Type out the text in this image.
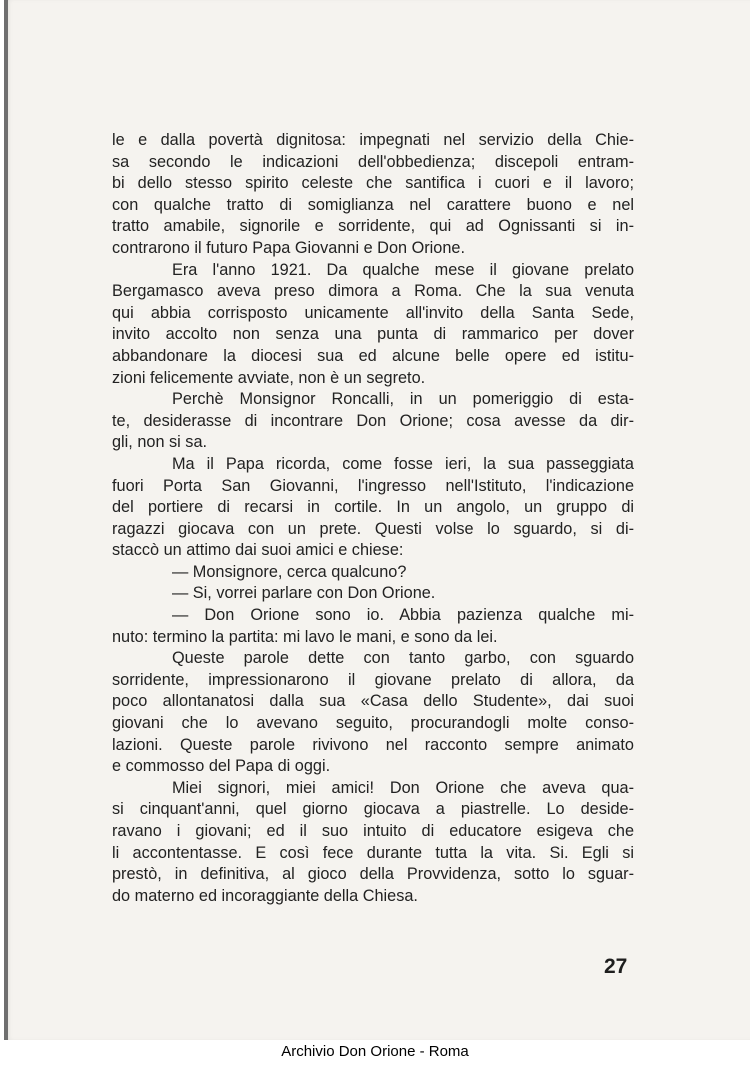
le e dalla povertà dignitosa: impegnati nel servizio della Chie-
sa secondo le indicazioni dell'obbedienza; discepoli entram-
bi dello stesso spirito celeste che santifica i cuori e il lavoro;
con qualche tratto di somiglianza nel carattere buono e nel
tratto amabile, signorile e sorridente, qui ad Ognissanti si in-
contrarono il futuro Papa Giovanni e Don Orione.
Era l'anno 1921. Da qualche mese il giovane prelato
Bergamasco aveva preso dimora a Roma. Che la sua venuta
qui abbia corrisposto unicamente all'invito della Santa Sede,
invito accolto non senza una punta di rammarico per dover
abbandonare la diocesi sua ed alcune belle opere ed istitu-
zioni felicemente avviate, non è un segreto.
Perchè Monsignor Roncalli, in un pomeriggio di esta-
te, desiderasse di incontrare Don Orione; cosa avesse da dir-
gli, non si sa.
Ma il Papa ricorda, come fosse ieri, la sua passeggiata
fuori Porta San Giovanni, l'ingresso nell'Istituto, l'indicazione
del portiere di recarsi in cortile. In un angolo, un gruppo di
ragazzi giocava con un prete. Questi volse lo sguardo, si di-
staccò un attimo dai suoi amici e chiese:
— Monsignore, cerca qualcuno?
— Si, vorrei parlare con Don Orione.
— Don Orione sono io. Abbia pazienza qualche mi-
nuto: termino la partita: mi lavo le mani, e sono da lei.
Queste parole dette con tanto garbo, con sguardo
sorridente, impressionarono il giovane prelato di allora, da
poco allontanatosi dalla sua «Casa dello Studente», dai suoi
giovani che lo avevano seguito, procurandogli molte conso-
lazioni. Queste parole rivivono nel racconto sempre animato
e commosso del Papa di oggi.
Miei signori, miei amici! Don Orione che aveva qua-
si cinquant'anni, quel giorno giocava a piastrelle. Lo deside-
ravano i giovani; ed il suo intuito di educatore esigeva che
li accontentasse. E così fece durante tutta la vita. Si. Egli si
prestò, in definitiva, al gioco della Provvidenza, sotto lo sguar-
do materno ed incoraggiante della Chiesa.
27
Archivio Don Orione - Roma
